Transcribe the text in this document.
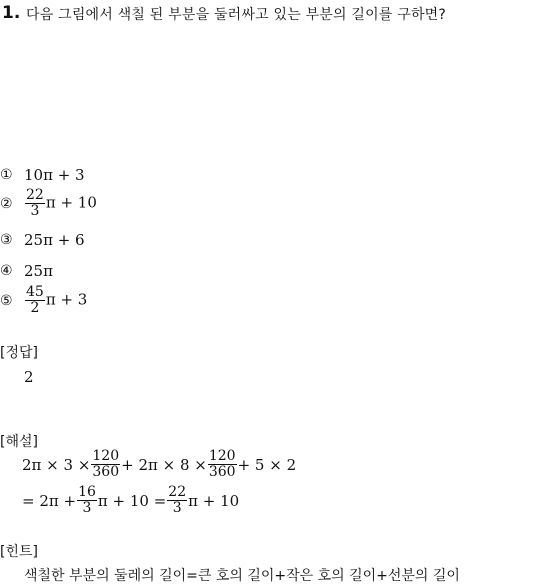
1. 다음 그림에서 색칠 된 부분을 둘러싸고 있는 부분의 길이를 구하면?
① 10π + 3
② $\frac{22}{3}$ π + 10
③ 25π + 6
④ 25π
⑤ $\frac{45}{2}$ π + 3
[정답]
2
[해설]
$2\pi \times 3 \times \frac{120}{360} + 2\pi \times 8 \times \frac{120}{360} + 5 \times 2$
= $2\pi + \frac{16}{3}$ $\pi + 10 = \frac{22}{3}$ π + 10
[힌트]
색칠한 부분의 둘레의 길이=큰 호의 길이+작은 호의 길이+선분의 길이
